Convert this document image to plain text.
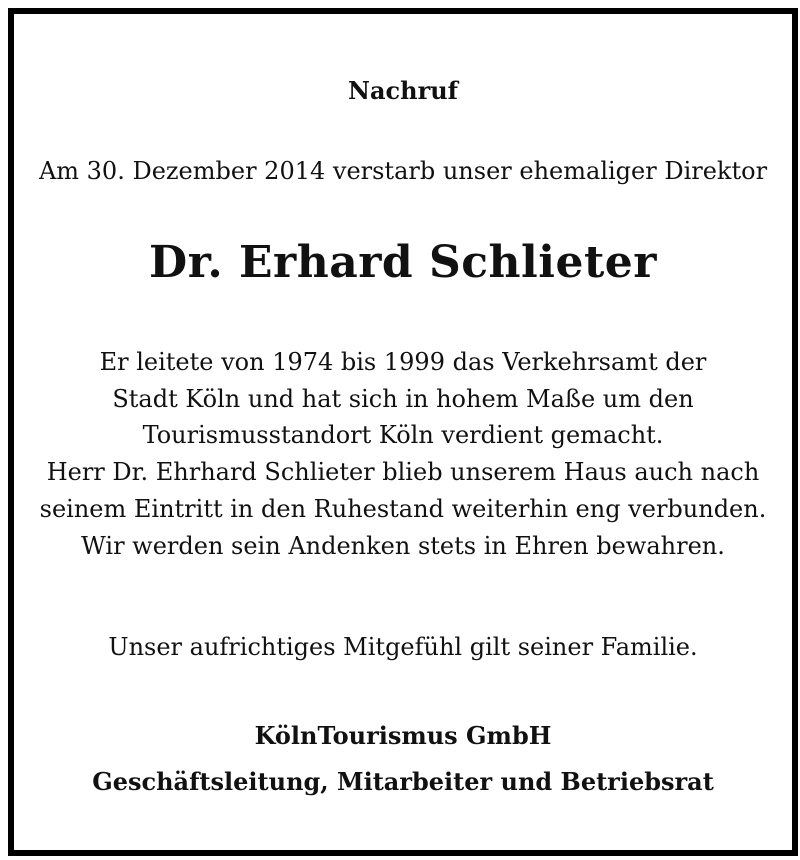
Nachruf

Am 30. Dezember 2014 verstarb unser ehemaliger Direktor

Dr. Erhard Schlieter

Er leitete von 1974 bis 1999 das Verkehrsamt der
Stadt Köln und hat sich in hohem Maße um den
Tourismusstandort Köln verdient gemacht.
Herr Dr. Ehrhard Schlieter blieb unserem Haus auch nach
seinem Eintritt in den Ruhestand weiterhin eng verbunden.
Wir werden sein Andenken stets in Ehren bewahren.

Unser aufrichtiges Mitgefühl gilt seiner Familie.

KölnTourismus GmbH

Geschäftsleitung, Mitarbeiter und Betriebsrat
